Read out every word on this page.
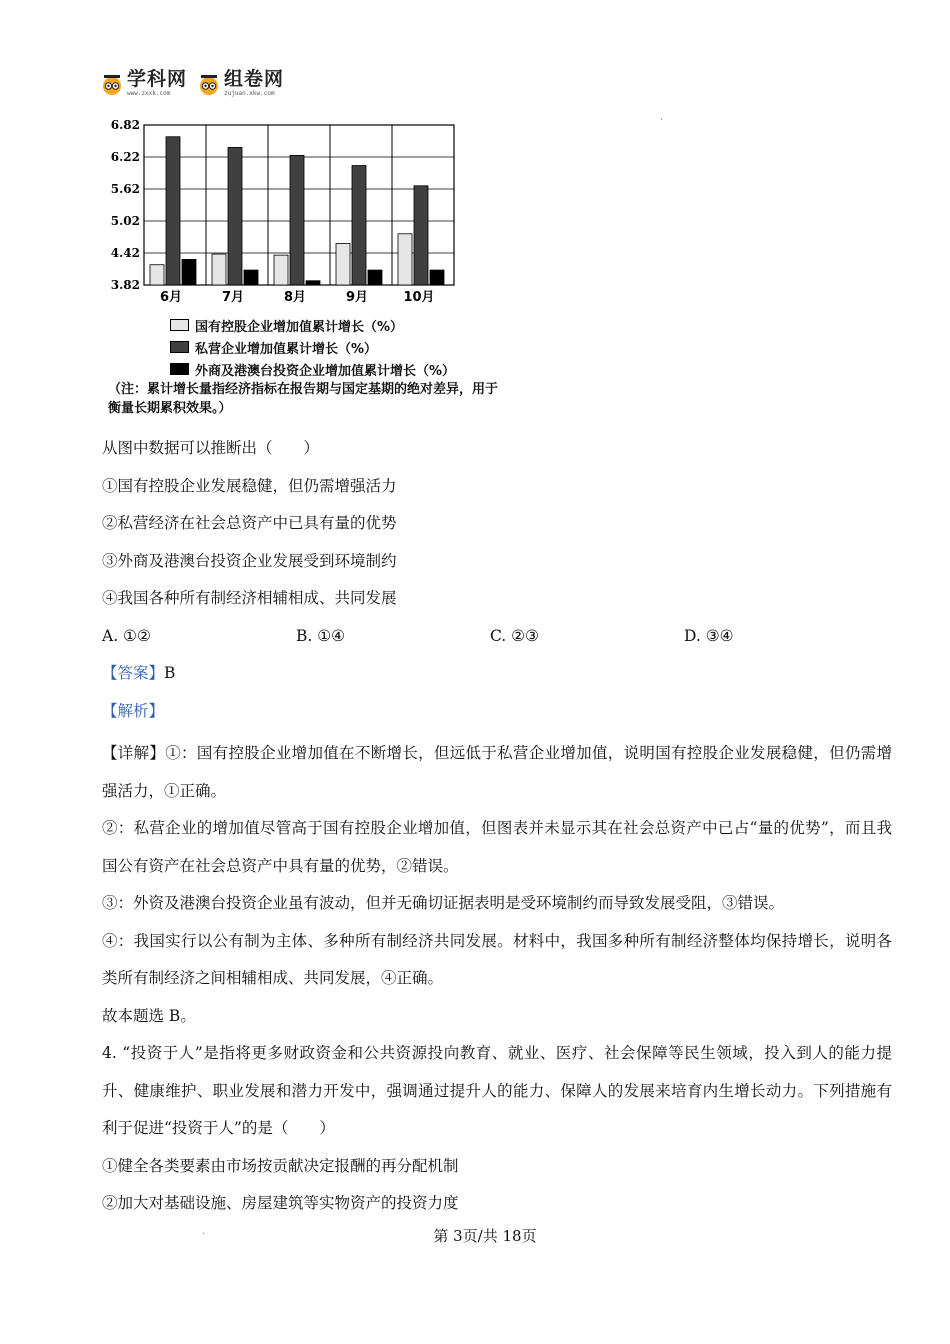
学科网
www.zxxk.com
组卷网
zujuan.xkw.com
.
6.82
6.22
5.62
5.02
4.42
3.82
6月	7月	8月	9月	10月
国有控股企业增加值累计增长（%）
私营企业增加值累计增长（%）
外商及港澳台投资企业增加值累计增长（%）
（注：累计增长量指经济指标在报告期与国定基期的绝对差异，用于衡量长期累积效果。）
从图中数据可以推断出（　　）
①国有控股企业发展稳健，但仍需增强活力
②私营经济在社会总资产中已具有量的优势
③外商及港澳台投资企业发展受到环境制约
④我国各种所有制经济相辅相成、共同发展
A. ①②	B. ①④	C. ②③	D. ③④
【答案】B
【解析】
【详解】①：国有控股企业增加值在不断增长，但远低于私营企业增加值，说明国有控股企业发展稳健，但仍需增强活力，①正确。
②：私营企业的增加值尽管高于国有控股企业增加值，但图表并未显示其在社会总资产中已占“量的优势”，而且我国公有资产在社会总资产中具有量的优势，②错误。
③：外资及港澳台投资企业虽有波动，但并无确切证据表明是受环境制约而导致发展受阻，③错误。
④：我国实行以公有制为主体、多种所有制经济共同发展。材料中，我国多种所有制经济整体均保持增长，说明各类所有制经济之间相辅相成、共同发展，④正确。
故本题选 B。
4. “投资于人”是指将更多财政资金和公共资源投向教育、就业、医疗、社会保障等民生领域，投入到人的能力提升、健康维护、职业发展和潜力开发中，强调通过提升人的能力、保障人的发展来培育内生增长动力。下列措施有利于促进“投资于人”的是（　　）
①健全各类要素由市场按贡献决定报酬的再分配机制
②加大对基础设施、房屋建筑等实物资产的投资力度
.	第 3页/共 18页
